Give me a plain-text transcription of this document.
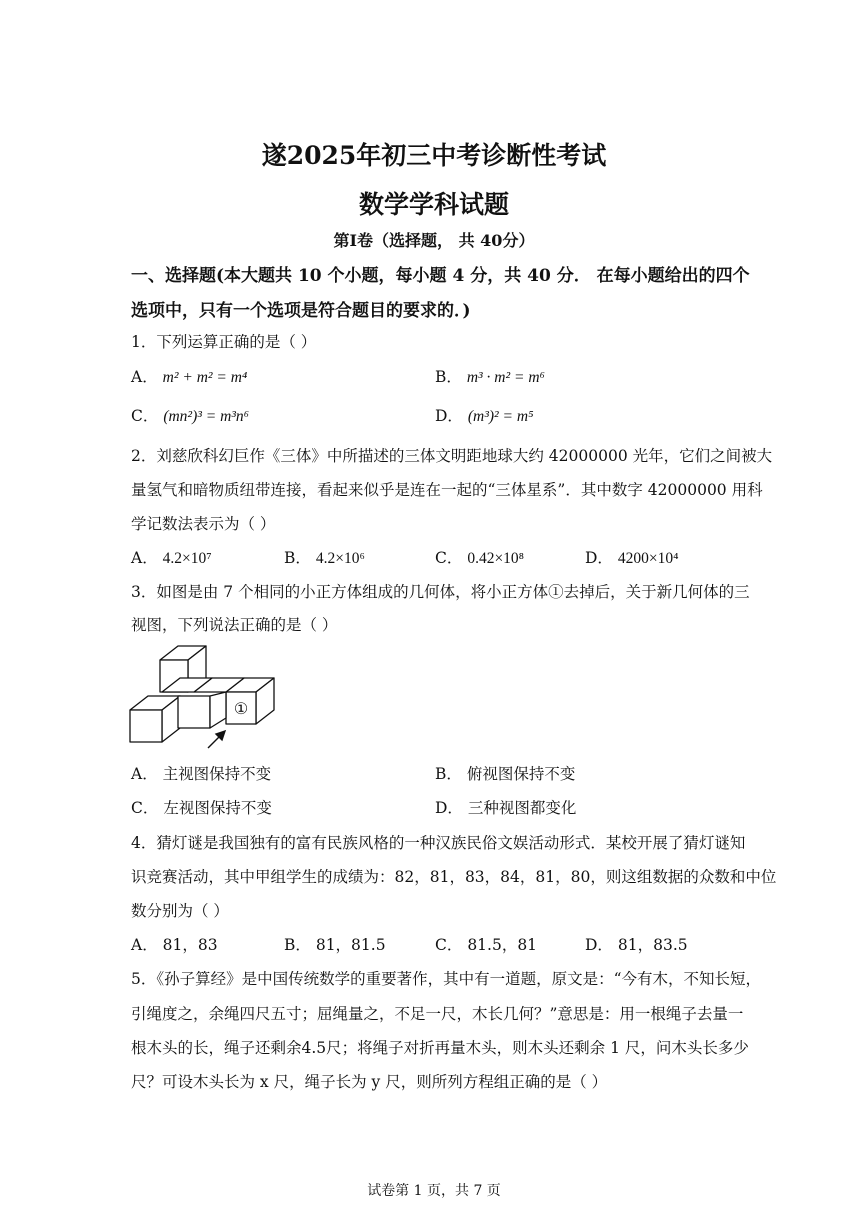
遂2025年初三中考诊断性考试
数学学科试题
第I卷（选择题， 共 40分）
一、选择题(本大题共 10 个小题，每小题 4 分，共 40 分． 在每小题给出的四个
选项中，只有一个选项是符合题目的要求的．)
1．下列运算正确的是（ ）
A． m² + m² = m⁴	B． m³ · m² = m⁶
C． (mn²)³ = m³n⁶	D． (m³)² = m⁵
2．刘慈欣科幻巨作《三体》中所描述的三体文明距地球大约 42000000 光年，它们之间被大
量氢气和暗物质纽带连接，看起来似乎是连在一起的“三体星系”．其中数字 42000000 用科
学记数法表示为（ ）
A． 4.2×10⁷	B． 4.2×10⁶	C． 0.42×10⁸	D． 4200×10⁴
3．如图是由 7 个相同的小正方体组成的几何体，将小正方体①去掉后，关于新几何体的三
视图，下列说法正确的是（ ）
①
A． 主视图保持不变	B． 俯视图保持不变
C． 左视图保持不变	D． 三种视图都变化
4．猜灯谜是我国独有的富有民族风格的一种汉族民俗文娱活动形式．某校开展了猜灯谜知
识竞赛活动，其中甲组学生的成绩为：82，81，83，84，81，80，则这组数据的众数和中位
数分别为（ ）
A． 81，83	B． 81，81.5	C． 81.5，81	D． 81，83.5
5．《孙子算经》是中国传统数学的重要著作，其中有一道题，原文是：“今有木，不知长短，
引绳度之，余绳四尺五寸；屈绳量之，不足一尺，木长几何？”意思是：用一根绳子去量一
根木头的长，绳子还剩余4.5尺；将绳子对折再量木头，则木头还剩余 1 尺，问木头长多少
尺？可设木头长为 x 尺，绳子长为 y 尺，则所列方程组正确的是（ ）
试卷第 1 页，共 7 页
